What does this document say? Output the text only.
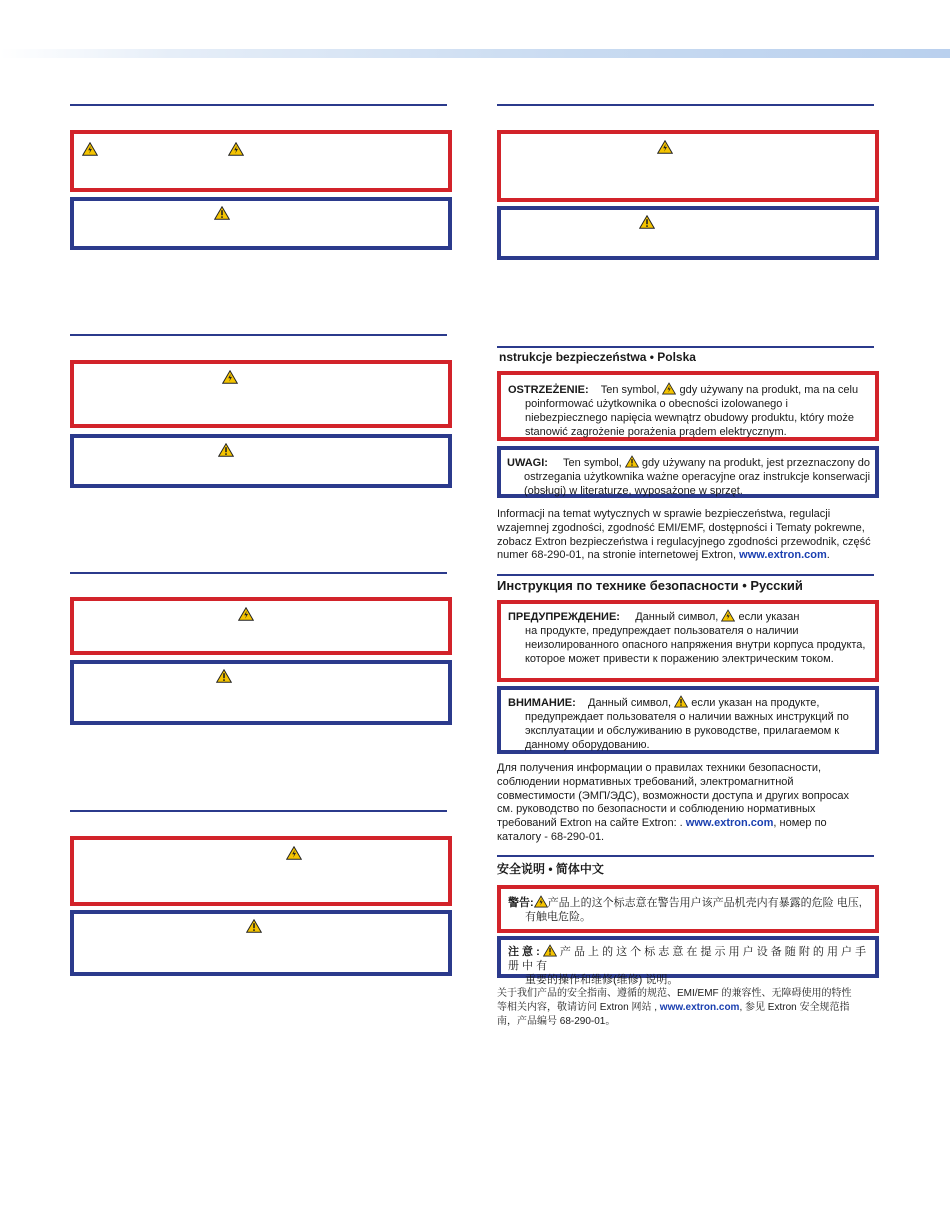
nstrukcje bezpieczeństwa • Polska

OSTRZEŻENIE: Ten symbol, gdy używany na produkt, ma na celu
poinformować użytkownika o obecności izolowanego i niebezpiecznego napięcia wewnątrz obudowy produktu, który może stanowić zagrożenie porażenia prądem elektrycznym.

UWAGI: Ten symbol, gdy używany na produkt, jest przeznaczony do
ostrzegania użytkownika ważne operacyjne oraz instrukcje konserwacji (obsługi) w literaturze, wyposażone w sprzęt.

Informacji na temat wytycznych w sprawie bezpieczeństwa, regulacji wzajemnej zgodności, zgodność EMI/EMF, dostępności i Tematy pokrewne, zobacz Extron bezpieczeństwa i regulacyjnego zgodności przewodnik, część numer 68-290-01, na stronie internetowej Extron, www.extron.com.

Инструкция по технике безопасности • Русский

ПРЕДУПРЕЖДЕНИЕ: Данный символ, если указан
на продукте, предупреждает пользователя о наличии неизолированного опасного напряжения внутри корпуса продукта, которое может привести к поражению электрическим током.

ВНИМАНИЕ: Данный символ, если указан на продукте,
предупреждает пользователя о наличии важных инструкций по эксплуатации и обслуживанию в руководстве, прилагаемом к данному оборудованию.

Для получения информации о правилах техники безопасности, соблюдении нормативных требований, электромагнитной совместимости (ЭМП/ЭДС), возможности доступа и других вопросах см. руководство по безопасности и соблюдению нормативных требований Extron на сайте Extron: . www.extron.com, номер по каталогу - 68-290-01.

安全说明 • 简体中文

警告: 产品上的这个标志意在警告用户该产品机壳内有暴露的危险 电压,
有触电危险。

注 意 : 产 品 上 的 这 个 标 志 意 在 提 示 用 户 设 备 随 附 的 用 户 手 册 中 有
重要的操作和维修(维修) 说明。

关于我们产品的安全指南、遵循的规范、EMI/EMF 的兼容性、无障碍使用的特性等相关内容，敬请访问 Extron 网站 , www.extron.com, 参见 Extron 安全规范指南，产品编号 68-290-01。
